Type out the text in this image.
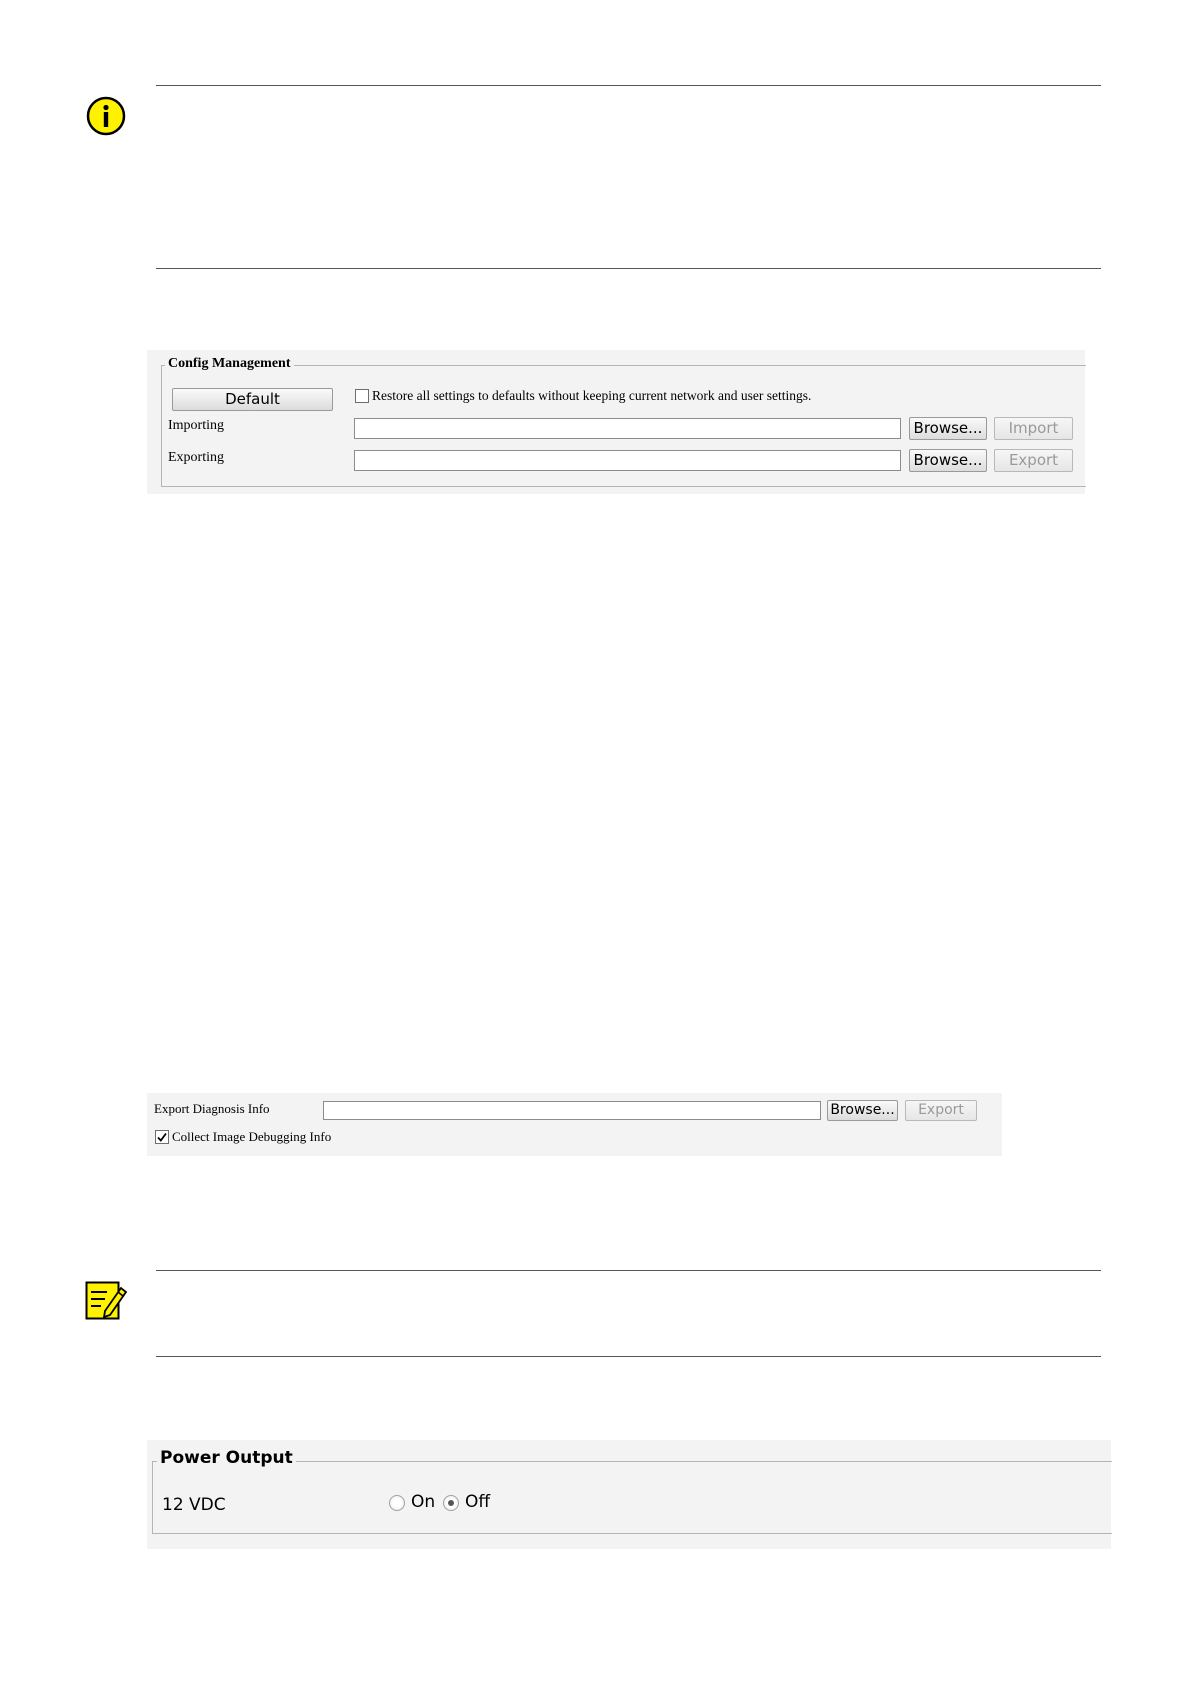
Config Management
Default	Restore all settings to defaults without keeping current network and user settings.
Importing	Browse...	Import
Exporting	Browse...	Export
Export Diagnosis Info	Browse...	Export
Collect Image Debugging Info
Power Output
12 VDC	On Off
